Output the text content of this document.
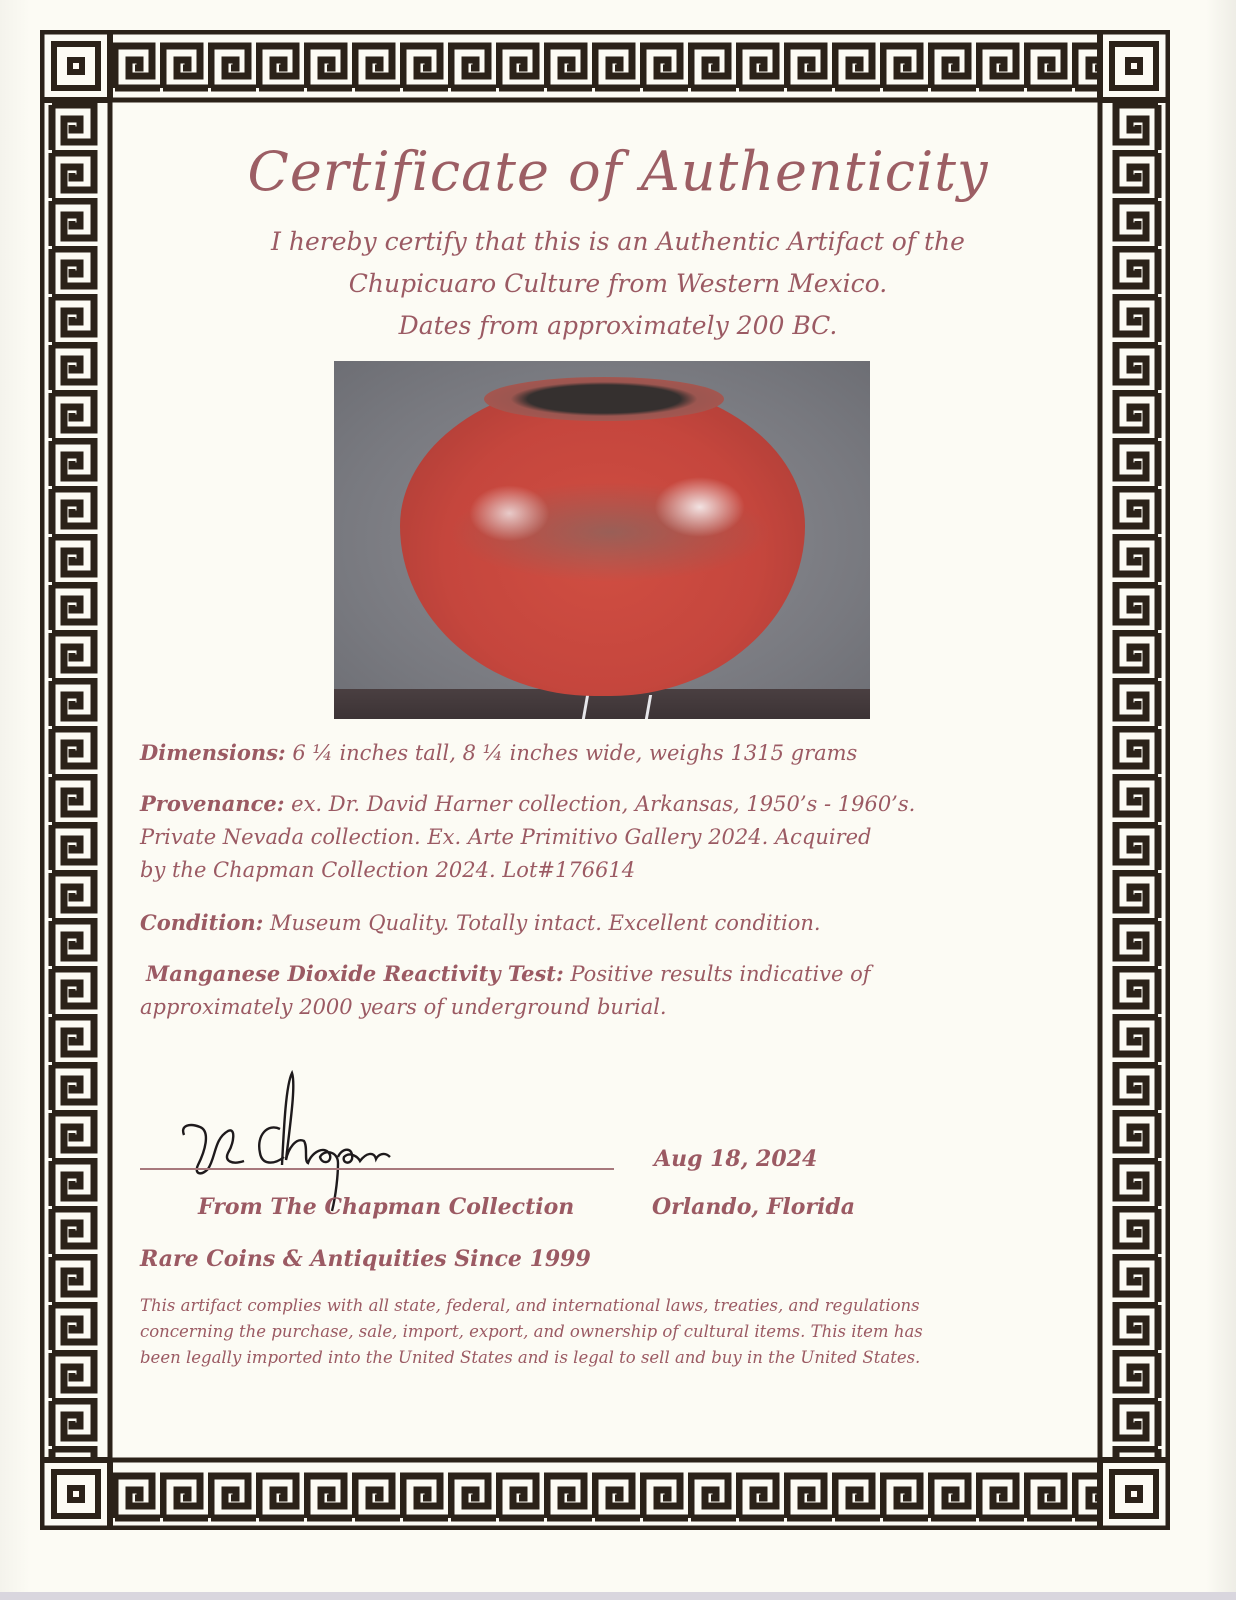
Certificate of Authenticity
I hereby certify that this is an Authentic Artifact of the
Chupicuaro Culture from Western Mexico.
Dates from approximately 200 BC.
Dimensions: 6 ¼ inches tall, 8 ¼ inches wide, weighs 1315 grams
Provenance: ex. Dr. David Harner collection, Arkansas, 1950’s - 1960’s.
Private Nevada collection. Ex. Arte Primitivo Gallery 2024. Acquired
by the Chapman Collection 2024. Lot#176614
Condition: Museum Quality. Totally intact. Excellent condition.
Manganese Dioxide Reactivity Test: Positive results indicative of
approximately 2000 years of underground burial.
From The Chapman Collection
Aug 18, 2024
Orlando, Florida
Rare Coins & Antiquities Since 1999
This artifact complies with all state, federal, and international laws, treaties, and regulations
concerning the purchase, sale, import, export, and ownership of cultural items. This item has
been legally imported into the United States and is legal to sell and buy in the United States.
